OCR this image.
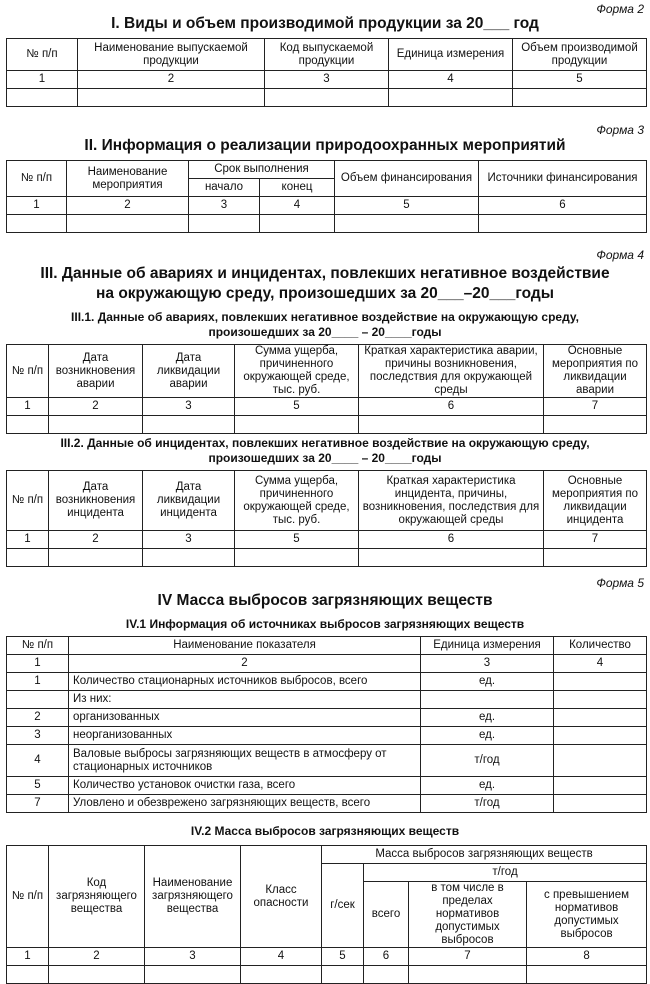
Форма 2
I. Виды и объем производимой продукции за 20___ год
№ п/п	Наименование выпускаемой продукции	Код выпускаемой продукции	Единица измерения	Объем производимой продукции
1	2	3	4	5

Форма 3
II. Информация о реализации природоохранных мероприятий
№ п/п	Наименование мероприятия	Срок выполнения		Объем финансирования	Источники финансирования
		начало	конец		
1	2	3	4	5	6

Форма 4
III. Данные об авариях и инцидентах, повлекших негативное воздействие
на окружающую среду, произошедших за 20___–20___годы
III.1. Данные об авариях, повлекших негативное воздействие на окружающую среду,
произошедших за 20____ – 20____годы
№ п/п	Дата возникновения аварии	Дата ликвидации аварии	Сумма ущерба, причиненного окружающей среде, тыс. руб.	Краткая характеристика аварии, причины возникновения, последствия для окружающей среды	Основные мероприятия по ликвидации аварии
1	2	3	5	6	7

III.2. Данные об инцидентах, повлекших негативное воздействие на окружающую среду,
произошедших за 20____ – 20____годы
№ п/п	Дата возникновения инцидента	Дата ликвидации инцидента	Сумма ущерба, причиненного окружающей среде, тыс. руб.	Краткая характеристика инцидента, причины, возникновения, последствия для окружающей среды	Основные мероприятия по ликвидации инцидента
1	2	3	5	6	7

Форма 5
IV Масса выбросов загрязняющих веществ
IV.1 Информация об источниках выбросов загрязняющих веществ
№ п/п	Наименование показателя	Единица измерения	Количество
1	2	3	4
1	Количество стационарных источников выбросов, всего	ед.	
	Из них:		
2	организованных	ед.	
3	неорганизованных	ед.	
4	Валовые выбросы загрязняющих веществ в атмосферу от стационарных источников	т/год	
5	Количество установок очистки газа, всего	ед.	
7	Уловлено и обезврежено загрязняющих веществ, всего	т/год	
IV.2 Масса выбросов загрязняющих веществ
№ п/п	Код загрязняющего вещества	Наименование загрязняющего вещества	Класс опасности	Масса выбросов загрязняющих веществ			
				г/сек	т/год		
					всего	в том числе в пределах нормативов допустимых выбросов	с превышением нормативов допустимых выбросов
1	2	3	4	5	6	7	8
